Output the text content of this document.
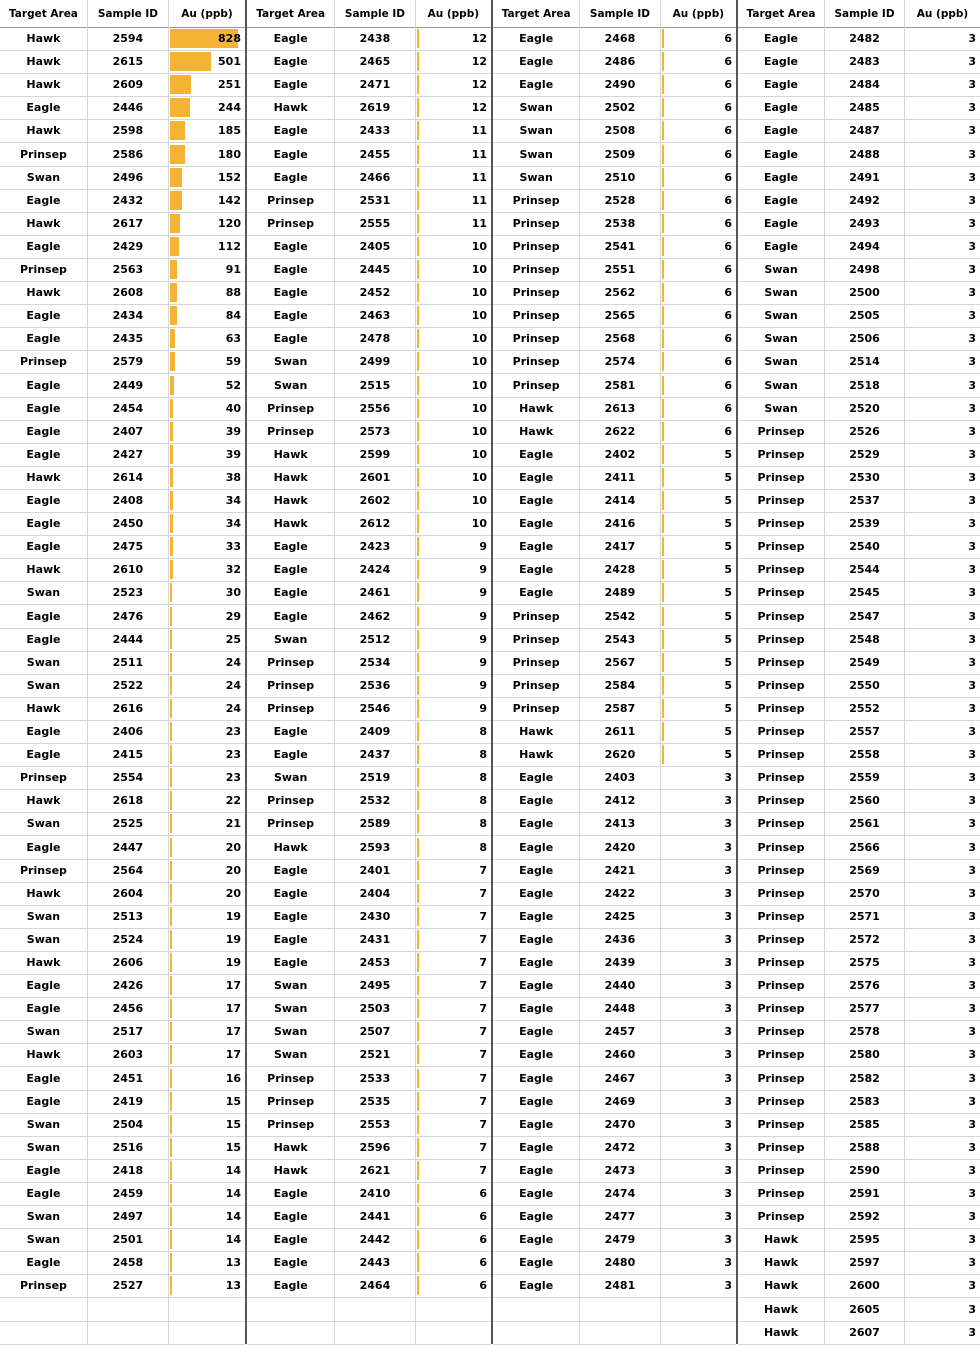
Target Area	Sample ID	Au (ppb)
Hawk	2594	828
Hawk	2615	501
Hawk	2609	251
Eagle	2446	244
Hawk	2598	185
Prinsep	2586	180
Swan	2496	152
Eagle	2432	142
Hawk	2617	120
Eagle	2429	112
Prinsep	2563	91
Hawk	2608	88
Eagle	2434	84
Eagle	2435	63
Prinsep	2579	59
Eagle	2449	52
Eagle	2454	40
Eagle	2407	39
Eagle	2427	39
Hawk	2614	38
Eagle	2408	34
Eagle	2450	34
Eagle	2475	33
Hawk	2610	32
Swan	2523	30
Eagle	2476	29
Eagle	2444	25
Swan	2511	24
Swan	2522	24
Hawk	2616	24
Eagle	2406	23
Eagle	2415	23
Prinsep	2554	23
Hawk	2618	22
Swan	2525	21
Eagle	2447	20
Prinsep	2564	20
Hawk	2604	20
Swan	2513	19
Swan	2524	19
Hawk	2606	19
Eagle	2426	17
Eagle	2456	17
Swan	2517	17
Hawk	2603	17
Eagle	2451	16
Eagle	2419	15
Swan	2504	15
Swan	2516	15
Eagle	2418	14
Eagle	2459	14
Swan	2497	14
Swan	2501	14
Eagle	2458	13
Prinsep	2527	13
Target Area	Sample ID	Au (ppb)
Eagle	2438	12
Eagle	2465	12
Eagle	2471	12
Hawk	2619	12
Eagle	2433	11
Eagle	2455	11
Eagle	2466	11
Prinsep	2531	11
Prinsep	2555	11
Eagle	2405	10
Eagle	2445	10
Eagle	2452	10
Eagle	2463	10
Eagle	2478	10
Swan	2499	10
Swan	2515	10
Prinsep	2556	10
Prinsep	2573	10
Hawk	2599	10
Hawk	2601	10
Hawk	2602	10
Hawk	2612	10
Eagle	2423	9
Eagle	2424	9
Eagle	2461	9
Eagle	2462	9
Swan	2512	9
Prinsep	2534	9
Prinsep	2536	9
Prinsep	2546	9
Eagle	2409	8
Eagle	2437	8
Swan	2519	8
Prinsep	2532	8
Prinsep	2589	8
Hawk	2593	8
Eagle	2401	7
Eagle	2404	7
Eagle	2430	7
Eagle	2431	7
Eagle	2453	7
Swan	2495	7
Swan	2503	7
Swan	2507	7
Swan	2521	7
Prinsep	2533	7
Prinsep	2535	7
Prinsep	2553	7
Hawk	2596	7
Hawk	2621	7
Eagle	2410	6
Eagle	2441	6
Eagle	2442	6
Eagle	2443	6
Eagle	2464	6
Target Area	Sample ID	Au (ppb)
Eagle	2468	6
Eagle	2486	6
Eagle	2490	6
Swan	2502	6
Swan	2508	6
Swan	2509	6
Swan	2510	6
Prinsep	2528	6
Prinsep	2538	6
Prinsep	2541	6
Prinsep	2551	6
Prinsep	2562	6
Prinsep	2565	6
Prinsep	2568	6
Prinsep	2574	6
Prinsep	2581	6
Hawk	2613	6
Hawk	2622	6
Eagle	2402	5
Eagle	2411	5
Eagle	2414	5
Eagle	2416	5
Eagle	2417	5
Eagle	2428	5
Eagle	2489	5
Prinsep	2542	5
Prinsep	2543	5
Prinsep	2567	5
Prinsep	2584	5
Prinsep	2587	5
Hawk	2611	5
Hawk	2620	5
Eagle	2403	3
Eagle	2412	3
Eagle	2413	3
Eagle	2420	3
Eagle	2421	3
Eagle	2422	3
Eagle	2425	3
Eagle	2436	3
Eagle	2439	3
Eagle	2440	3
Eagle	2448	3
Eagle	2457	3
Eagle	2460	3
Eagle	2467	3
Eagle	2469	3
Eagle	2470	3
Eagle	2472	3
Eagle	2473	3
Eagle	2474	3
Eagle	2477	3
Eagle	2479	3
Eagle	2480	3
Eagle	2481	3
Target Area	Sample ID	Au (ppb)
Eagle	2482	3
Eagle	2483	3
Eagle	2484	3
Eagle	2485	3
Eagle	2487	3
Eagle	2488	3
Eagle	2491	3
Eagle	2492	3
Eagle	2493	3
Eagle	2494	3
Swan	2498	3
Swan	2500	3
Swan	2505	3
Swan	2506	3
Swan	2514	3
Swan	2518	3
Swan	2520	3
Prinsep	2526	3
Prinsep	2529	3
Prinsep	2530	3
Prinsep	2537	3
Prinsep	2539	3
Prinsep	2540	3
Prinsep	2544	3
Prinsep	2545	3
Prinsep	2547	3
Prinsep	2548	3
Prinsep	2549	3
Prinsep	2550	3
Prinsep	2552	3
Prinsep	2557	3
Prinsep	2558	3
Prinsep	2559	3
Prinsep	2560	3
Prinsep	2561	3
Prinsep	2566	3
Prinsep	2569	3
Prinsep	2570	3
Prinsep	2571	3
Prinsep	2572	3
Prinsep	2575	3
Prinsep	2576	3
Prinsep	2577	3
Prinsep	2578	3
Prinsep	2580	3
Prinsep	2582	3
Prinsep	2583	3
Prinsep	2585	3
Prinsep	2588	3
Prinsep	2590	3
Prinsep	2591	3
Prinsep	2592	3
Hawk	2595	3
Hawk	2597	3
Hawk	2600	3
Hawk	2605	3
Hawk	2607	3
